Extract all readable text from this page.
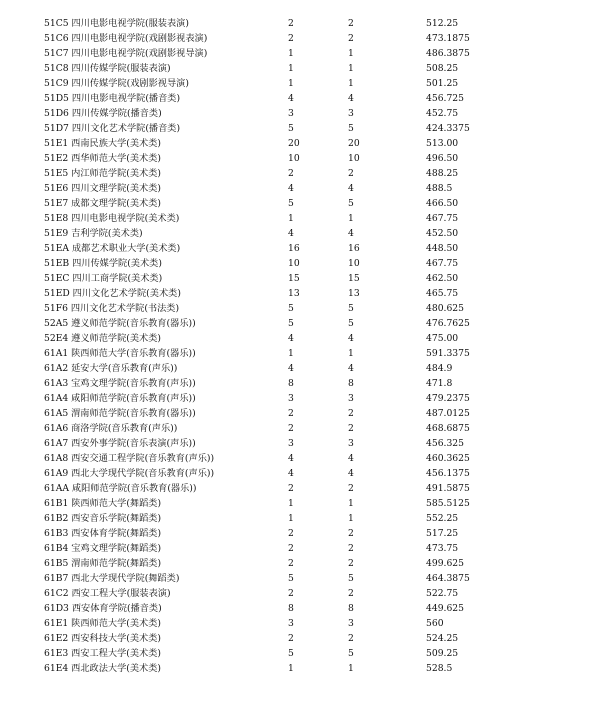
51C5 四川电影电视学院(服装表演)	2	2	512.25
51C6 四川电影电视学院(戏剧影视表演)	2	2	473.1875
51C7 四川电影电视学院(戏剧影视导演)	1	1	486.3875
51C8 四川传媒学院(服装表演)	1	1	508.25
51C9 四川传媒学院(戏剧影视导演)	1	1	501.25
51D5 四川电影电视学院(播音类)	4	4	456.725
51D6 四川传媒学院(播音类)	3	3	452.75
51D7 四川文化艺术学院(播音类)	5	5	424.3375
51E1 西南民族大学(美术类)	20	20	513.00
51E2 西华师范大学(美术类)	10	10	496.50
51E5 内江师范学院(美术类)	2	2	488.25
51E6 四川文理学院(美术类)	4	4	488.5
51E7 成都文理学院(美术类)	5	5	466.50
51E8 四川电影电视学院(美术类)	1	1	467.75
51E9 吉利学院(美术类)	4	4	452.50
51EA 成都艺术职业大学(美术类)	16	16	448.50
51EB 四川传媒学院(美术类)	10	10	467.75
51EC 四川工商学院(美术类)	15	15	462.50
51ED 四川文化艺术学院(美术类)	13	13	465.75
51F6 四川文化艺术学院(书法类)	5	5	480.625
52A5 遵义师范学院(音乐教育(器乐))	5	5	476.7625
52E4 遵义师范学院(美术类)	4	4	475.00
61A1 陕西师范大学(音乐教育(器乐))	1	1	591.3375
61A2 延安大学(音乐教育(声乐))	4	4	484.9
61A3 宝鸡文理学院(音乐教育(声乐))	8	8	471.8
61A4 咸阳师范学院(音乐教育(声乐))	3	3	479.2375
61A5 渭南师范学院(音乐教育(器乐))	2	2	487.0125
61A6 商洛学院(音乐教育(声乐))	2	2	468.6875
61A7 西安外事学院(音乐表演(声乐))	3	3	456.325
61A8 西安交通工程学院(音乐教育(声乐))	4	4	460.3625
61A9 西北大学现代学院(音乐教育(声乐))	4	4	456.1375
61AA 咸阳师范学院(音乐教育(器乐))	2	2	491.5875
61B1 陕西师范大学(舞蹈类)	1	1	585.5125
61B2 西安音乐学院(舞蹈类)	1	1	552.25
61B3 西安体育学院(舞蹈类)	2	2	517.25
61B4 宝鸡文理学院(舞蹈类)	2	2	473.75
61B5 渭南师范学院(舞蹈类)	2	2	499.625
61B7 西北大学现代学院(舞蹈类)	5	5	464.3875
61C2 西安工程大学(服装表演)	2	2	522.75
61D3 西安体育学院(播音类)	8	8	449.625
61E1 陕西师范大学(美术类)	3	3	560
61E2 西安科技大学(美术类)	2	2	524.25
61E3 西安工程大学(美术类)	5	5	509.25
61E4 西北政法大学(美术类)	1	1	528.5
